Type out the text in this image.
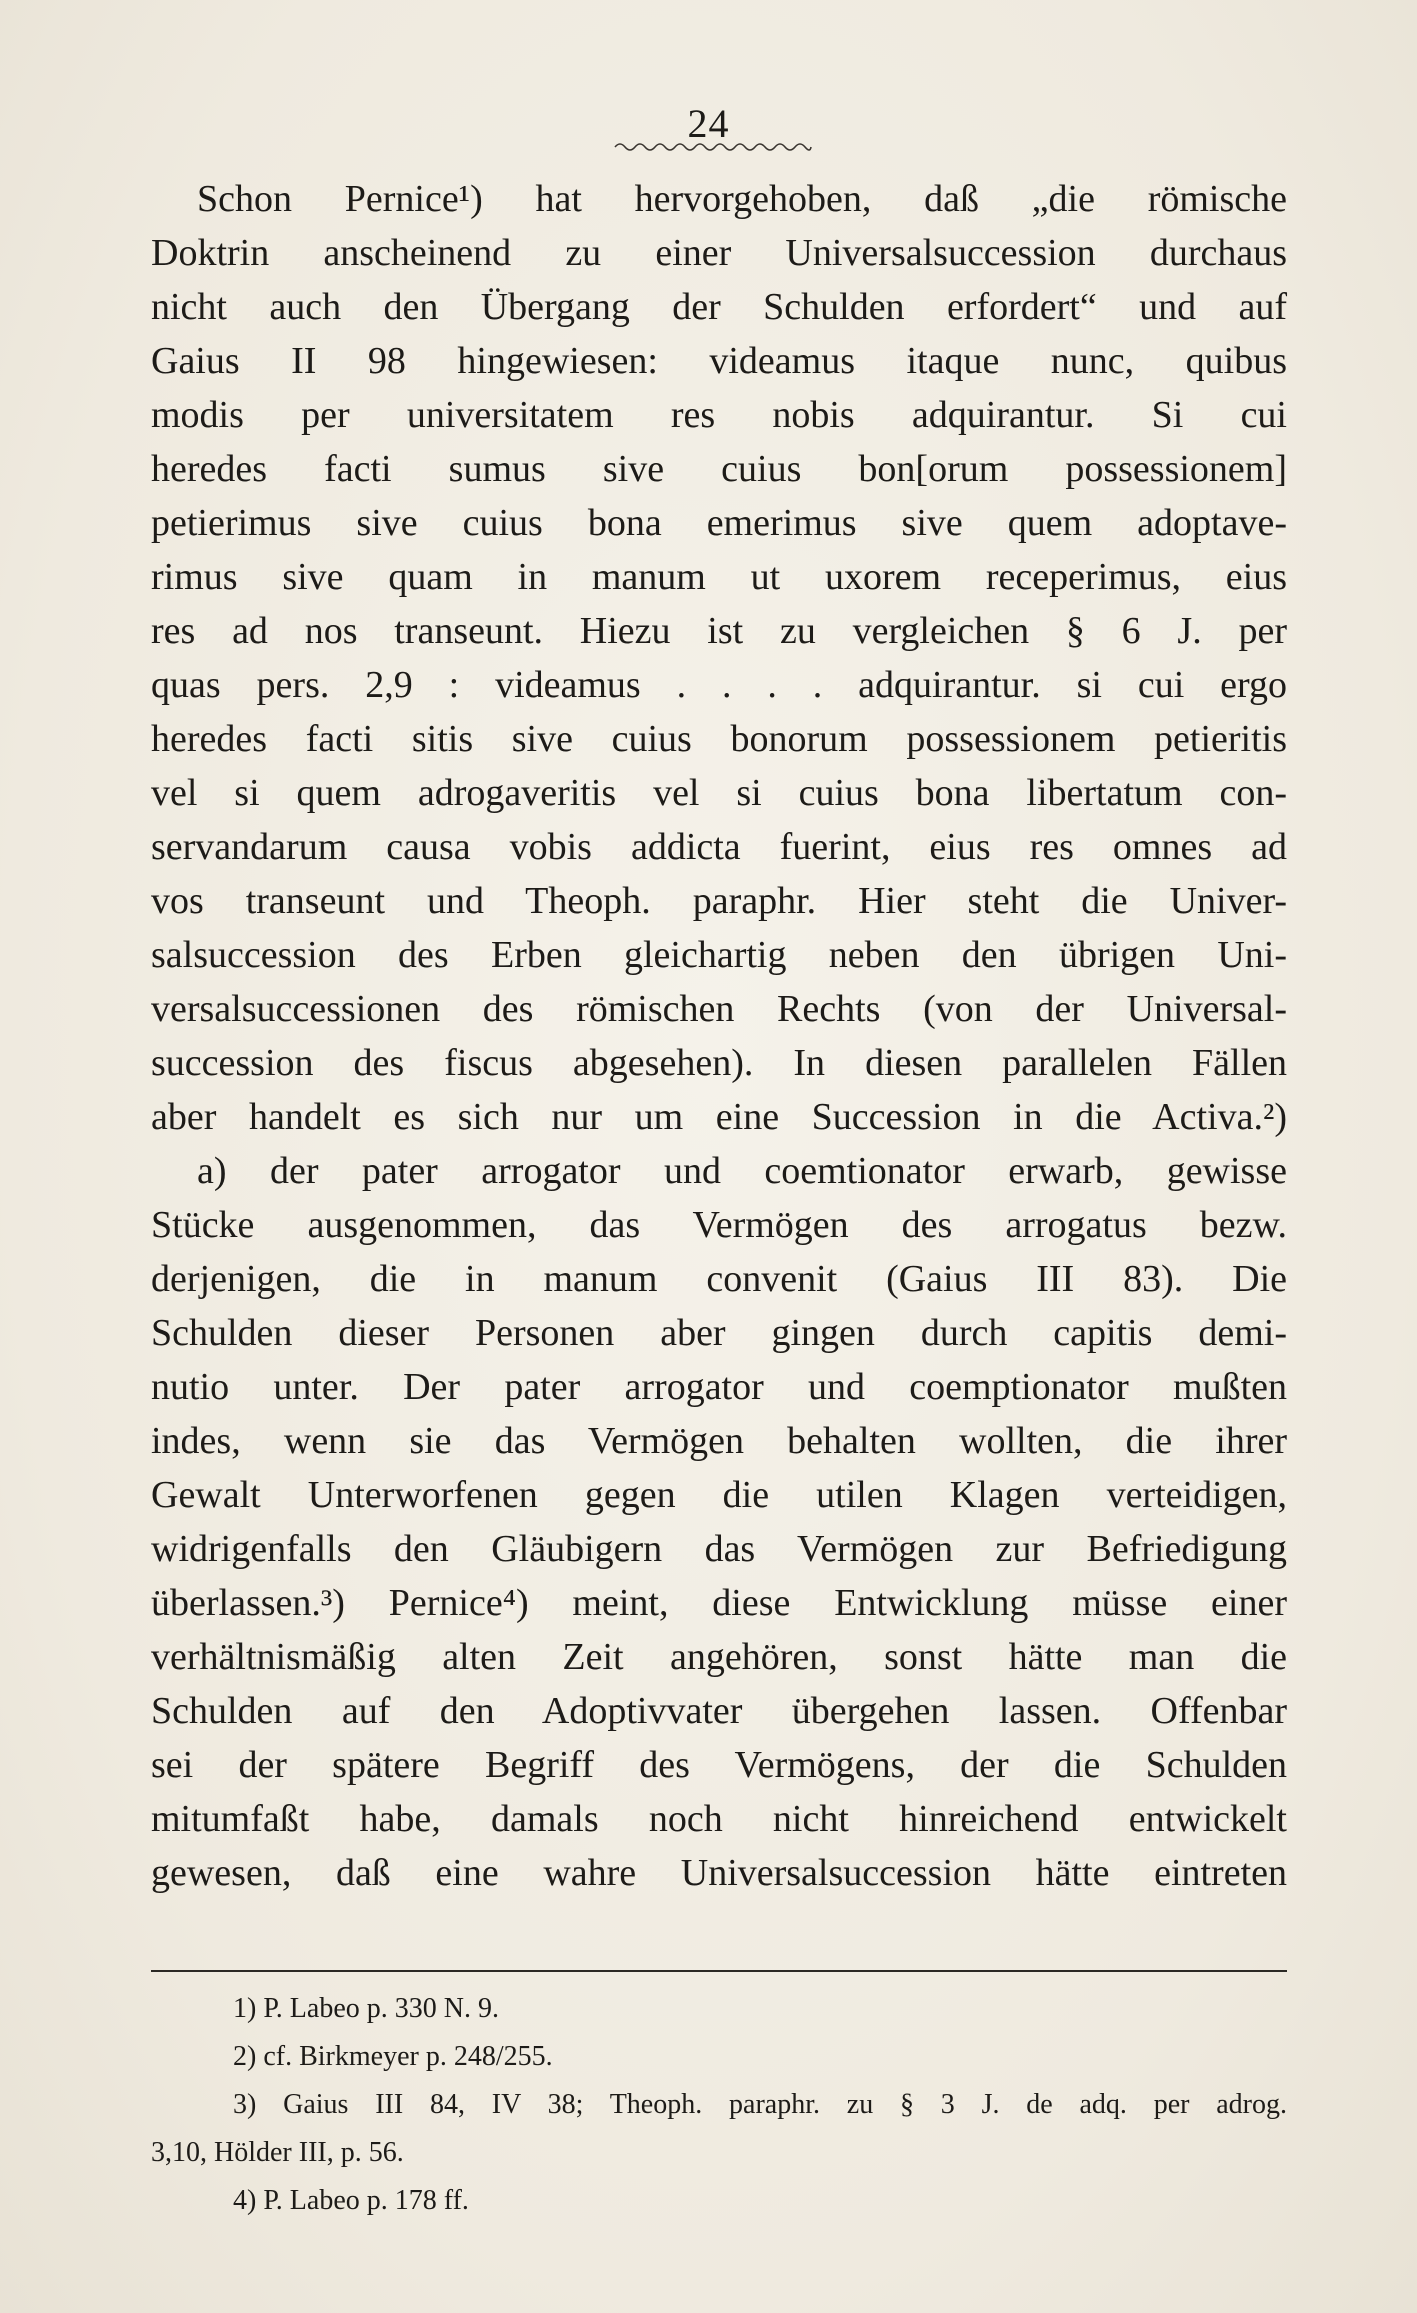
24
Schon Pernice¹) hat hervorgehoben, daß „die römische
Doktrin anscheinend zu einer Universalsuccession durchaus
nicht auch den Übergang der Schulden erfordert“ und auf
Gaius II 98 hingewiesen: videamus itaque nunc, quibus
modis per universitatem res nobis adquirantur. Si cui
heredes facti sumus sive cuius bon[orum possessionem]
petierimus sive cuius bona emerimus sive quem adoptave-
rimus sive quam in manum ut uxorem receperimus, eius
res ad nos transeunt. Hiezu ist zu vergleichen § 6 J. per
quas pers. 2,9 : videamus . . . . adquirantur. si cui ergo
heredes facti sitis sive cuius bonorum possessionem petieritis
vel si quem adrogaveritis vel si cuius bona libertatum con-
servandarum causa vobis addicta fuerint, eius res omnes ad
vos transeunt und Theoph. paraphr. Hier steht die Univer-
salsuccession des Erben gleichartig neben den übrigen Uni-
versalsuccessionen des römischen Rechts (von der Universal-
succession des fiscus abgesehen). In diesen parallelen Fällen
aber handelt es sich nur um eine Succession in die Activa.²)
a) der pater arrogator und coemtionator erwarb, gewisse
Stücke ausgenommen, das Vermögen des arrogatus bezw.
derjenigen, die in manum convenit (Gaius III 83). Die
Schulden dieser Personen aber gingen durch capitis demi-
nutio unter. Der pater arrogator und coemptionator mußten
indes, wenn sie das Vermögen behalten wollten, die ihrer
Gewalt Unterworfenen gegen die utilen Klagen verteidigen,
widrigenfalls den Gläubigern das Vermögen zur Befriedigung
überlassen.³) Pernice⁴) meint, diese Entwicklung müsse einer
verhältnismäßig alten Zeit angehören, sonst hätte man die
Schulden auf den Adoptivvater übergehen lassen. Offenbar
sei der spätere Begriff des Vermögens, der die Schulden
mitumfaßt habe, damals noch nicht hinreichend entwickelt
gewesen, daß eine wahre Universalsuccession hätte eintreten
1) P. Labeo p. 330 N. 9.
2) cf. Birkmeyer p. 248/255.
3) Gaius III 84, IV 38; Theoph. paraphr. zu § 3 J. de adq. per adrog.
3,10, Hölder III, p. 56.
4) P. Labeo p. 178 ff.
